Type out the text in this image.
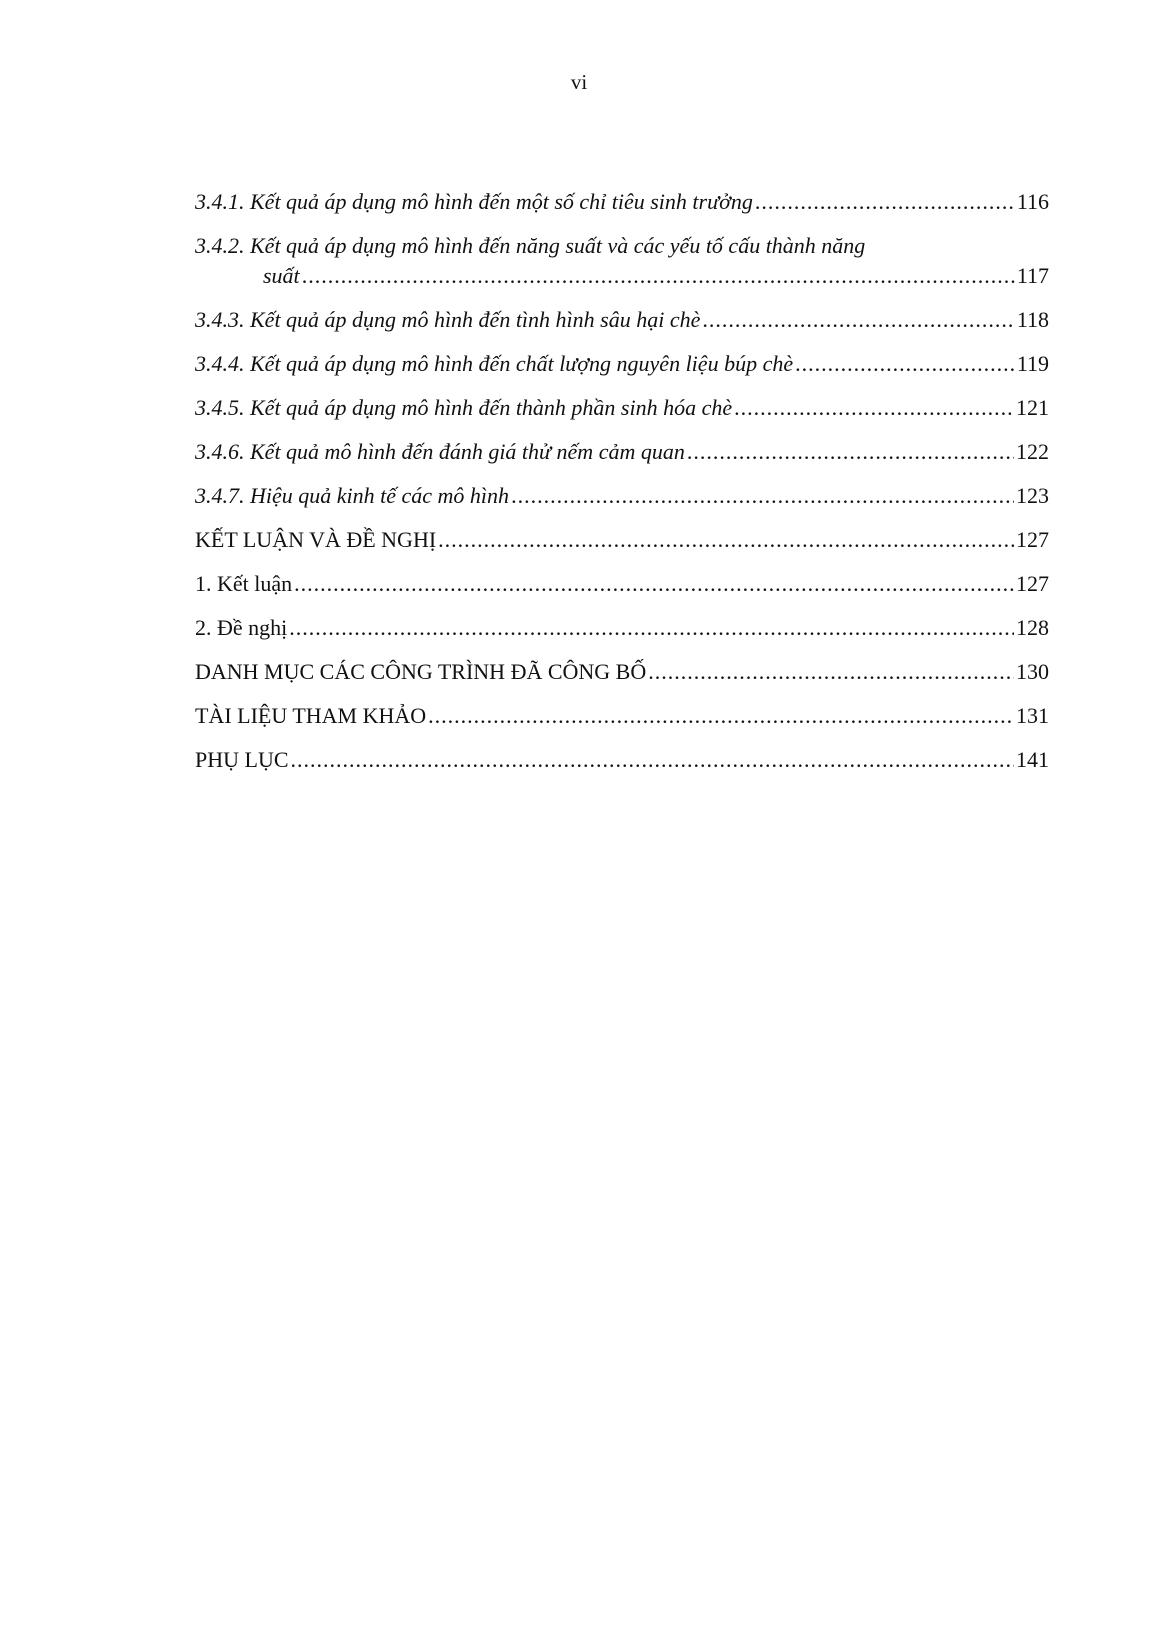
vi
3.4.1. Kết quả áp dụng mô hình đến một số chỉ tiêu sinh trưởng .....	116
3.4.2. Kết quả áp dụng mô hình đến năng suất và các yếu tố cấu thành năng
suất .....	117
3.4.3. Kết quả áp dụng mô hình đến tình hình sâu hại chè .....	118
3.4.4. Kết quả áp dụng mô hình đến chất lượng nguyên liệu búp chè .....	119
3.4.5. Kết quả áp dụng mô hình đến thành phần sinh hóa chè .....	121
3.4.6. Kết quả mô hình đến đánh giá thử nếm cảm quan .....	122
3.4.7. Hiệu quả kinh tế các mô hình .....	123
KẾT LUẬN VÀ ĐỀ NGHỊ .....	127
1. Kết luận .....	127
2. Đề nghị .....	128
DANH MỤC CÁC CÔNG TRÌNH ĐÃ CÔNG BỐ .....	130
TÀI LIỆU THAM KHẢO .....	131
PHỤ LỤC .....	141
